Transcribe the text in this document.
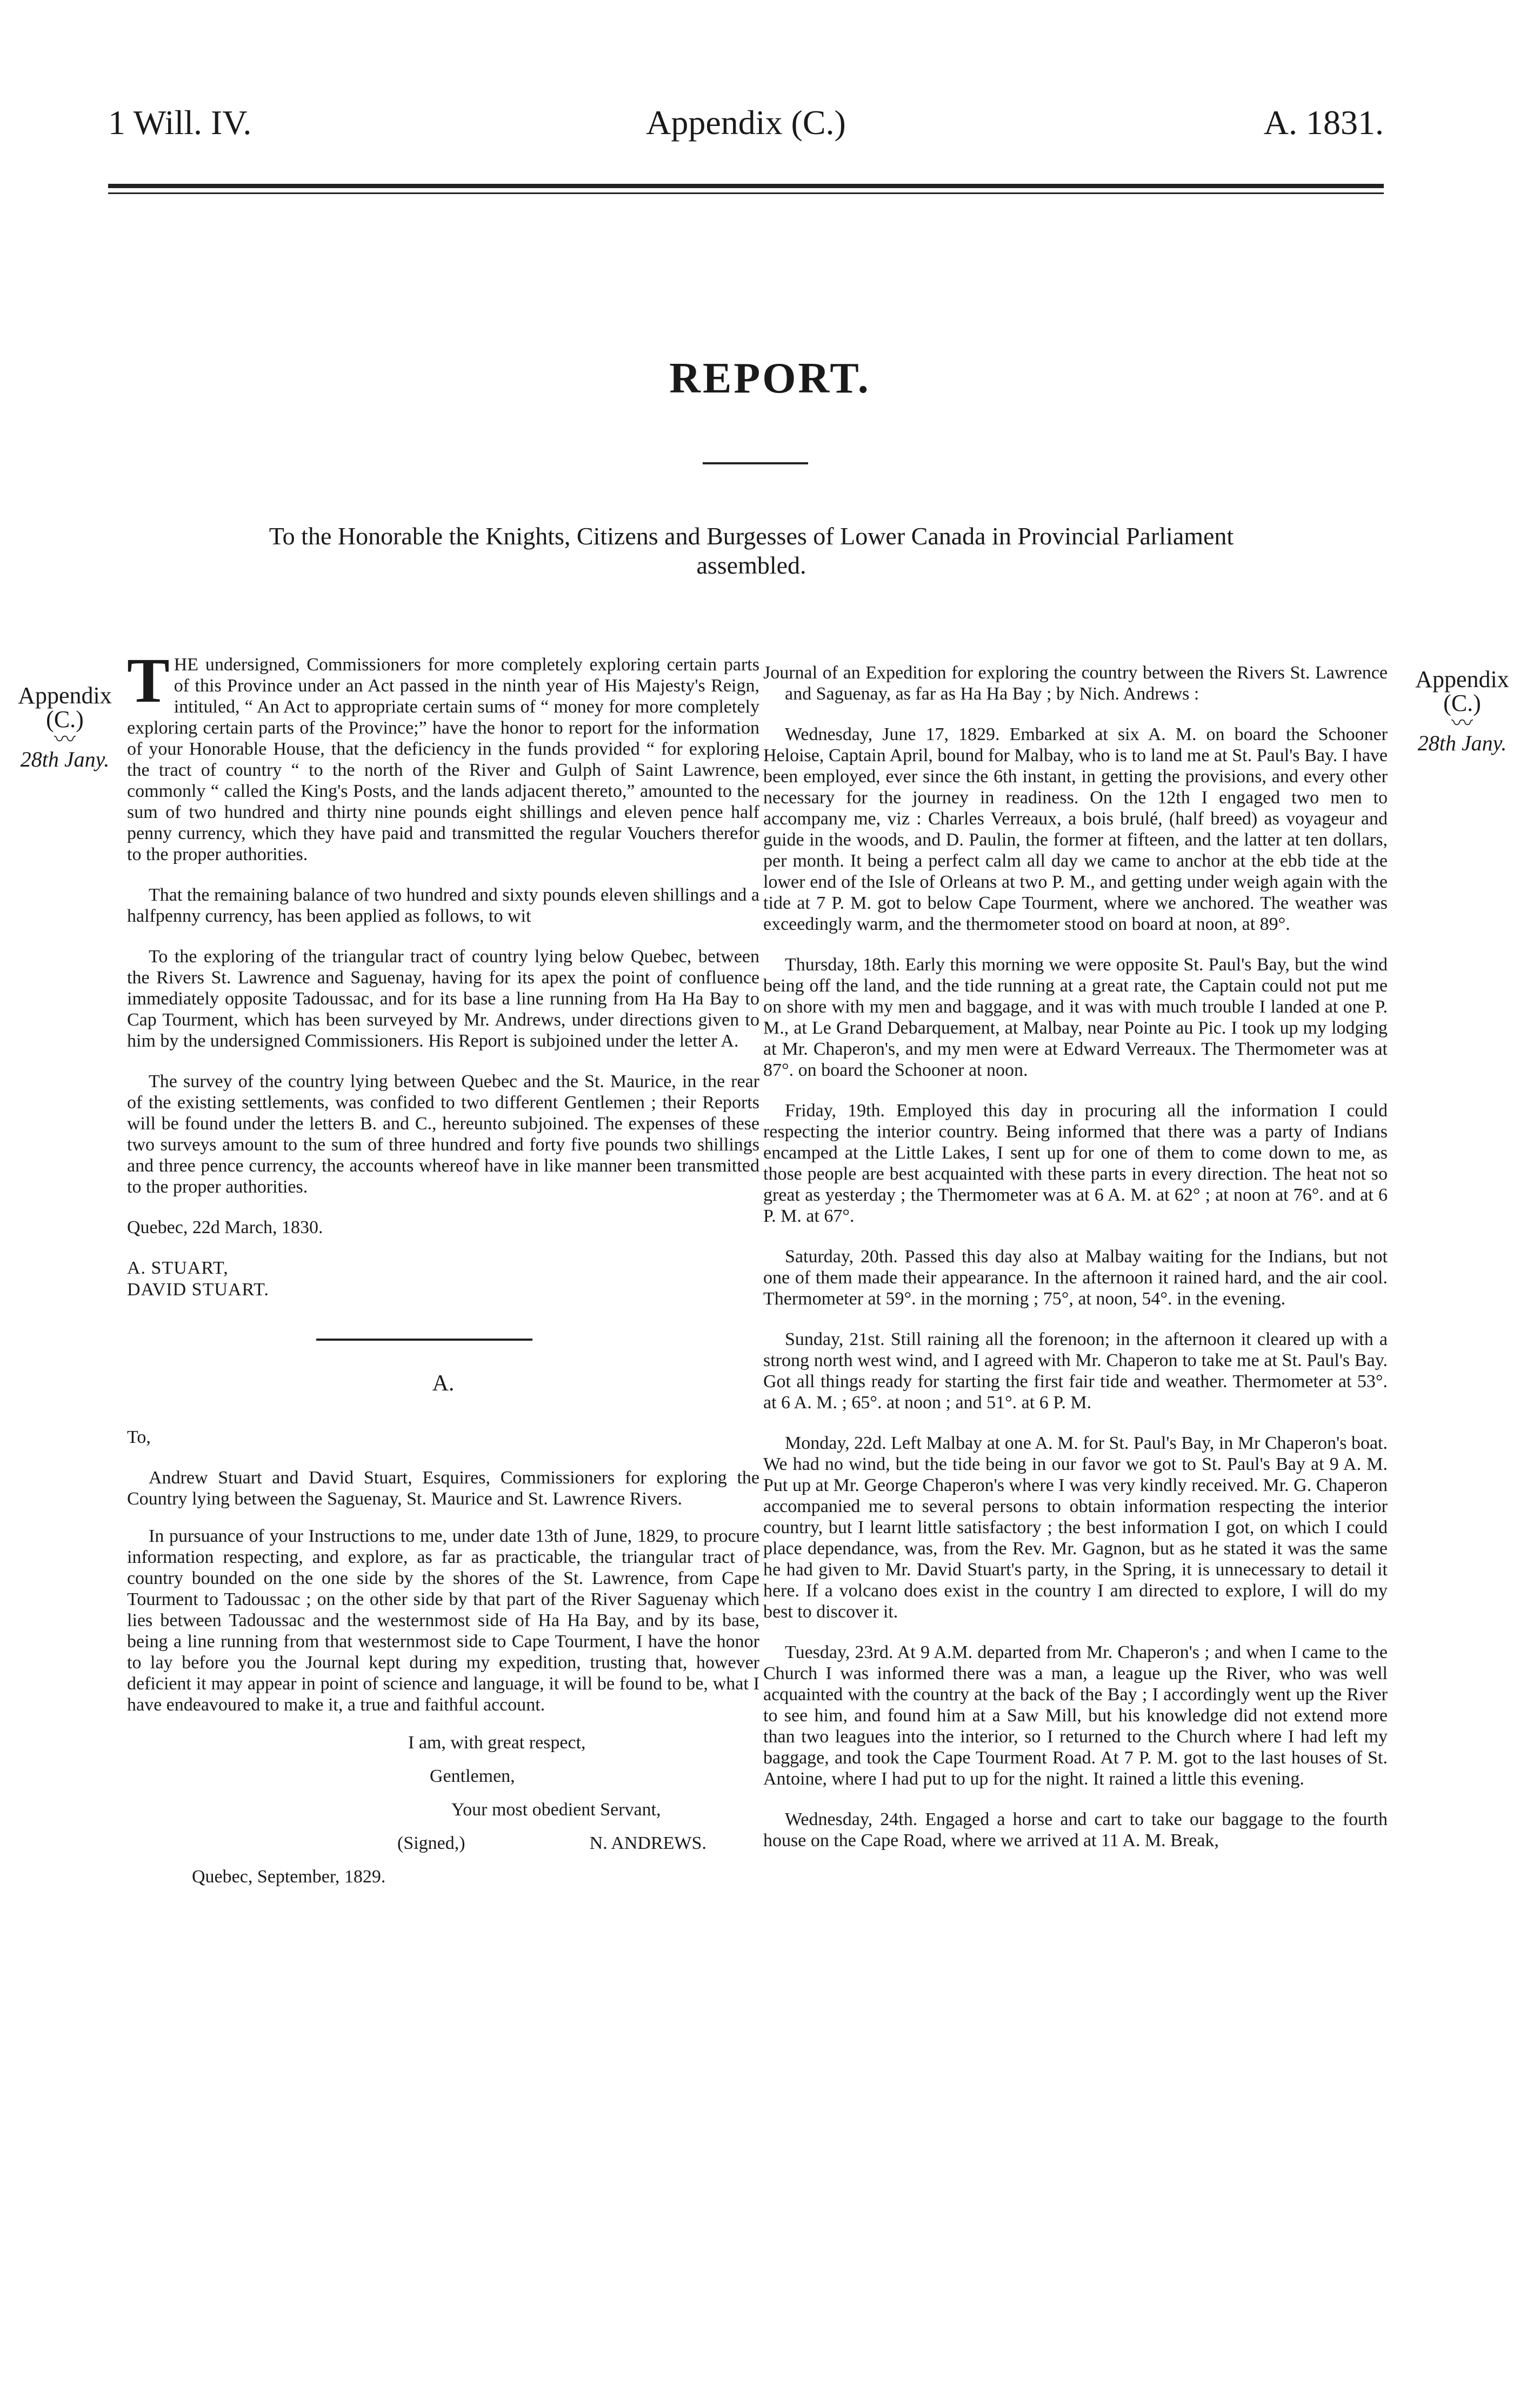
1 Will. IV.	Appendix (C.)	A. 1831.
REPORT.
To the Honorable the Knights, Citizens and Burgesses of Lower Canada in Provincial Parliament assembled.
Appendix
(C.)
〰
28th Jany.
Appendix
(C.)
〰
28th Jany.

THE undersigned, Commissioners for more completely exploring certain parts of this Province under an Act passed in the ninth year of His Majesty's Reign, intituled, “ An Act to appropriate certain sums of “ money for more completely exploring certain parts of the Province;” have the honor to report for the information of your Honorable House, that the deficiency in the funds provided “ for exploring the tract of country “ to the north of the River and Gulph of Saint Lawrence, commonly “ called the King's Posts, and the lands adjacent thereto,” amounted to the sum of two hundred and thirty nine pounds eight shillings and eleven pence half penny currency, which they have paid and transmitted the regular Vouchers therefor to the proper authorities.

That the remaining balance of two hundred and sixty pounds eleven shillings and a halfpenny currency, has been applied as follows, to wit

To the exploring of the triangular tract of country lying below Quebec, between the Rivers St. Lawrence and Saguenay, having for its apex the point of confluence immediately opposite Tadoussac, and for its base a line running from Ha Ha Bay to Cap Tourment, which has been surveyed by Mr. Andrews, under directions given to him by the undersigned Commissioners. His Report is subjoined under the letter A.

The survey of the country lying between Quebec and the St. Maurice, in the rear of the existing settlements, was confided to two different Gentlemen ; their Reports will be found under the letters B. and C., hereunto subjoined. The expenses of these two surveys amount to the sum of three hundred and forty five pounds two shillings and three pence currency, the accounts whereof have in like manner been transmitted to the proper authorities.

Quebec, 22d March, 1830.

A. STUART,

DAVID STUART.

A.

To,

Andrew Stuart and David Stuart, Esquires, Commissioners for exploring the Country lying between the Saguenay, St. Maurice and St. Lawrence Rivers.

In pursuance of your Instructions to me, under date 13th of June, 1829, to procure information respecting, and explore, as far as practicable, the triangular tract of country bounded on the one side by the shores of the St. Lawrence, from Cape Tourment to Tadoussac ; on the other side by that part of the River Saguenay which lies between Tadoussac and the westernmost side of Ha Ha Bay, and by its base, being a line running from that westernmost side to Cape Tourment, I have the honor to lay before you the Journal kept during my expedition, trusting that, however deficient it may appear in point of science and language, it will be found to be, what I have endeavoured to make it, a true and faithful account.

I am, with great respect,
Gentlemen,
Your most obedient Servant,
(Signed,)	N. ANDREWS.
Quebec, September, 1829.

Journal of an Expedition for exploring the country between the Rivers St. Lawrence and Saguenay, as far as Ha Ha Bay ; by Nich. Andrews :

Wednesday, June 17, 1829. Embarked at six A. M. on board the Schooner Heloise, Captain April, bound for Malbay, who is to land me at St. Paul's Bay. I have been employed, ever since the 6th instant, in getting the provisions, and every other necessary for the journey in readiness. On the 12th I engaged two men to accompany me, viz : Charles Verreaux, a bois brulé, (half breed) as voyageur and guide in the woods, and D. Paulin, the former at fifteen, and the latter at ten dollars, per month. It being a perfect calm all day we came to anchor at the ebb tide at the lower end of the Isle of Orleans at two P. M., and getting under weigh again with the tide at 7 P. M. got to below Cape Tourment, where we anchored. The weather was exceedingly warm, and the thermometer stood on board at noon, at 89°.

Thursday, 18th. Early this morning we were opposite St. Paul's Bay, but the wind being off the land, and the tide running at a great rate, the Captain could not put me on shore with my men and baggage, and it was with much trouble I landed at one P. M., at Le Grand Debarquement, at Malbay, near Pointe au Pic. I took up my lodging at Mr. Chaperon's, and my men were at Edward Verreaux. The Thermometer was at 87°. on board the Schooner at noon.

Friday, 19th. Employed this day in procuring all the information I could respecting the interior country. Being informed that there was a party of Indians encamped at the Little Lakes, I sent up for one of them to come down to me, as those people are best acquainted with these parts in every direction. The heat not so great as yesterday ; the Thermometer was at 6 A. M. at 62° ; at noon at 76°. and at 6 P. M. at 67°.

Saturday, 20th. Passed this day also at Malbay waiting for the Indians, but not one of them made their appearance. In the afternoon it rained hard, and the air cool. Thermometer at 59°. in the morning ; 75°, at noon, 54°. in the evening.

Sunday, 21st. Still raining all the forenoon; in the afternoon it cleared up with a strong north west wind, and I agreed with Mr. Chaperon to take me at St. Paul's Bay. Got all things ready for starting the first fair tide and weather. Thermometer at 53°. at 6 A. M. ; 65°. at noon ; and 51°. at 6 P. M.

Monday, 22d. Left Malbay at one A. M. for St. Paul's Bay, in Mr Chaperon's boat. We had no wind, but the tide being in our favor we got to St. Paul's Bay at 9 A. M. Put up at Mr. George Chaperon's where I was very kindly received. Mr. G. Chaperon accompanied me to several persons to obtain information respecting the interior country, but I learnt little satisfactory ; the best information I got, on which I could place dependance, was, from the Rev. Mr. Gagnon, but as he stated it was the same he had given to Mr. David Stuart's party, in the Spring, it is unnecessary to detail it here. If a volcano does exist in the country I am directed to explore, I will do my best to discover it.

Tuesday, 23rd. At 9 A.M. departed from Mr. Chaperon's ; and when I came to the Church I was informed there was a man, a league up the River, who was well acquainted with the country at the back of the Bay ; I accordingly went up the River to see him, and found him at a Saw Mill, but his knowledge did not extend more than two leagues into the interior, so I returned to the Church where I had left my baggage, and took the Cape Tourment Road. At 7 P. M. got to the last houses of St. Antoine, where I had put to up for the night. It rained a little this evening.

Wednesday, 24th. Engaged a horse and cart to take our baggage to the fourth house on the Cape Road, where we arrived at 11 A. M. Break,
